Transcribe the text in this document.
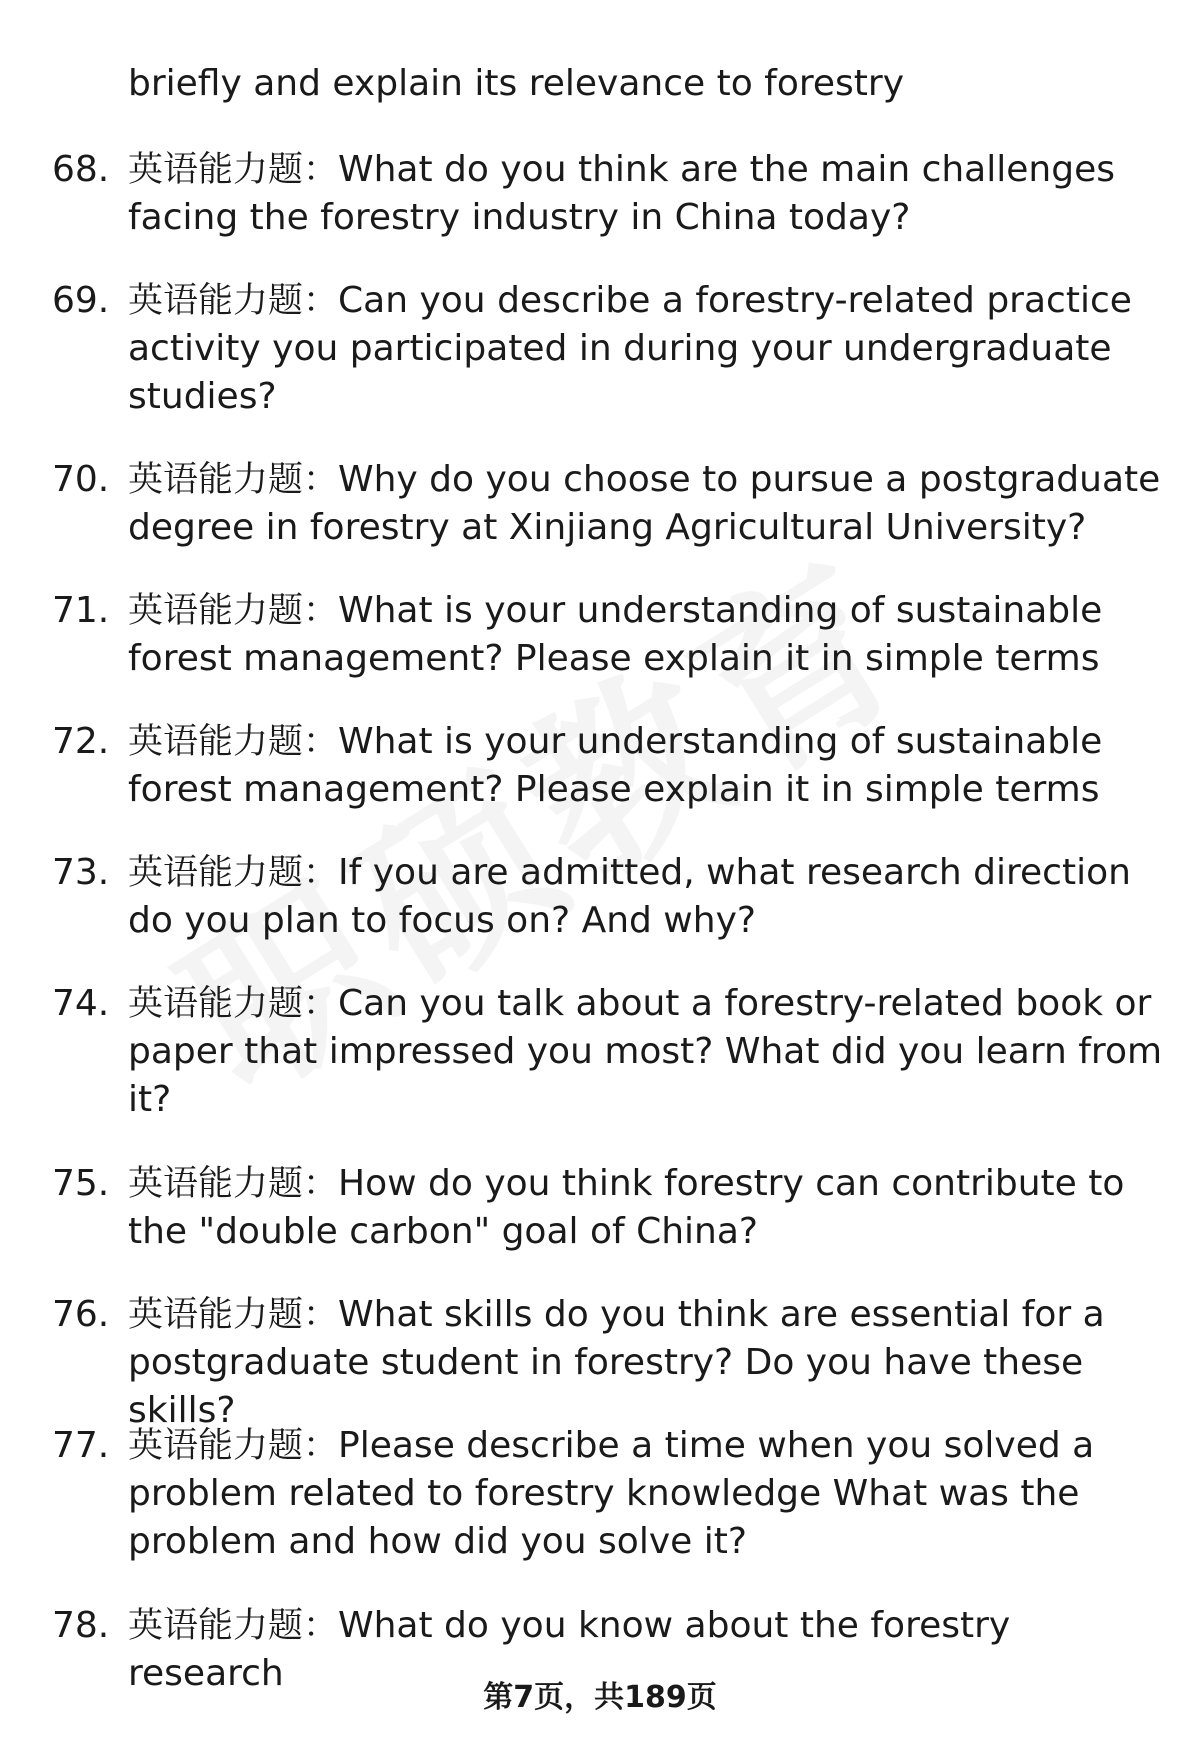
briefly and explain its relevance to forestry
68. 英语能力题：What do you think are the main challenges facing the forestry industry in China today?
69. 英语能力题：Can you describe a forestry-related practice activity you participated in during your undergraduate studies?
70. 英语能力题：Why do you choose to pursue a postgraduate degree in forestry at Xinjiang Agricultural University?
71. 英语能力题：What is your understanding of sustainable forest management? Please explain it in simple terms
72. 英语能力题：What is your understanding of sustainable forest management? Please explain it in simple terms
73. 英语能力题：If you are admitted, what research direction do you plan to focus on? And why?
74. 英语能力题：Can you talk about a forestry-related book or paper that impressed you most? What did you learn from it?
75. 英语能力题：How do you think forestry can contribute to the "double carbon" goal of China?
76. 英语能力题：What skills do you think are essential for a postgraduate student in forestry? Do you have these skills?
77. 英语能力题：Please describe a time when you solved a problem related to forestry knowledge What was the problem and how did you solve it?
78. 英语能力题：What do you know about the forestry research
第7页，共189页
